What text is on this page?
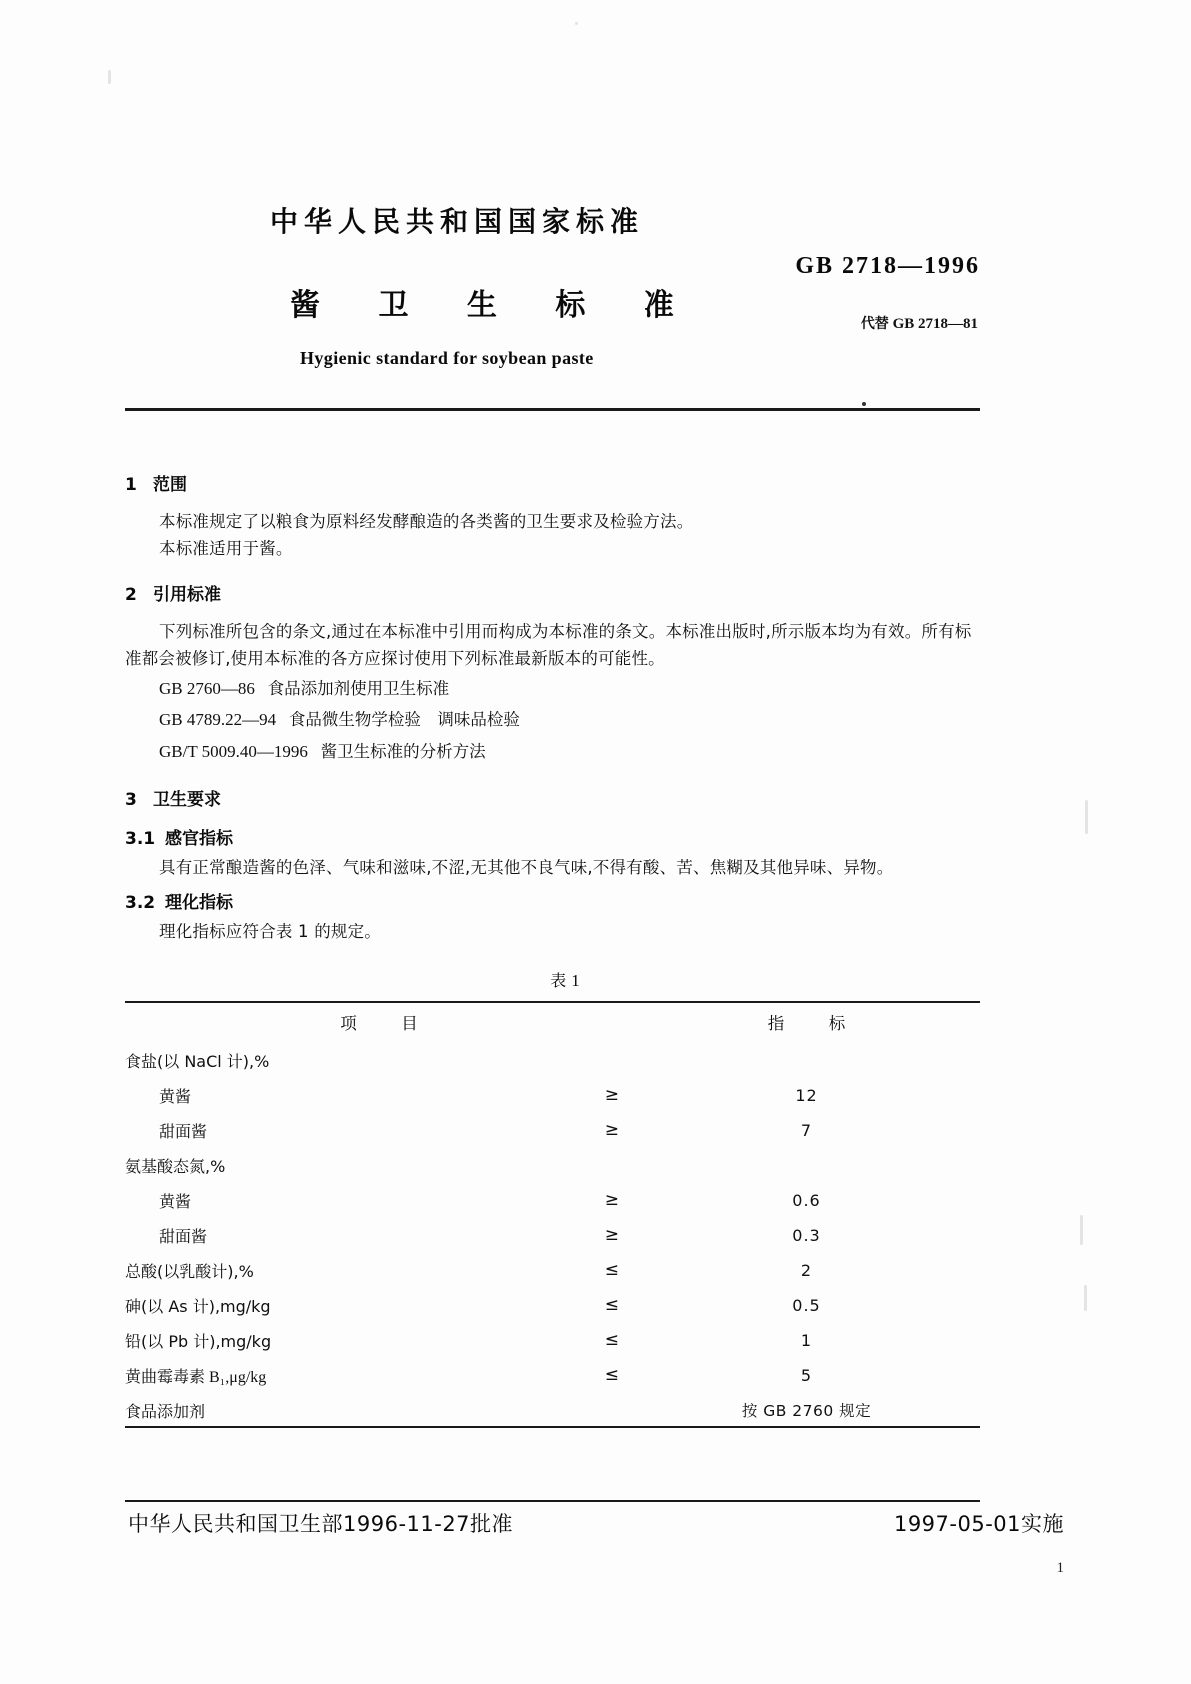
中华人民共和国国家标准
GB 2718—1996
酱 卫 生 标 准
代替 GB 2718—81
Hygienic standard for soybean paste
1 范围

本标准规定了以粮食为原料经发酵酿造的各类酱的卫生要求及检验方法。

本标准适用于酱。

2 引用标准

下列标准所包含的条文,通过在本标准中引用而构成为本标准的条文。本标准出版时,所示版本均为有效。所有标准都会被修订,使用本标准的各方应探讨使用下列标准最新版本的可能性。

GB 2760—86 食品添加剂使用卫生标准
GB 4789.22—94 食品微生物学检验　调味品检验
GB/T 5009.40—1996 酱卫生标准的分析方法
3 卫生要求
3.1 感官指标

具有正常酿造酱的色泽、气味和滋味,不涩,无其他不良气味,不得有酸、苦、焦糊及其他异味、异物。

3.2 理化指标

理化指标应符合表 1 的规定。

表 1
项　目	指　标
食盐(以 NaCl 计),%

黄酱 ≥	12
甜面酱 ≥	7
氨基酸态氮,%

黄酱 ≥	0.6
甜面酱 ≥	0.3
总酸(以乳酸计),% ≤	2
砷(以 As 计),mg/kg ≤	0.5
铅(以 Pb 计),mg/kg ≤	1
黄曲霉毒素 B₁,μg/kg ≤	5
食品添加剂	按 GB 2760 规定
中华人民共和国卫生部1996-11-27批准	1997-05-01实施
1
